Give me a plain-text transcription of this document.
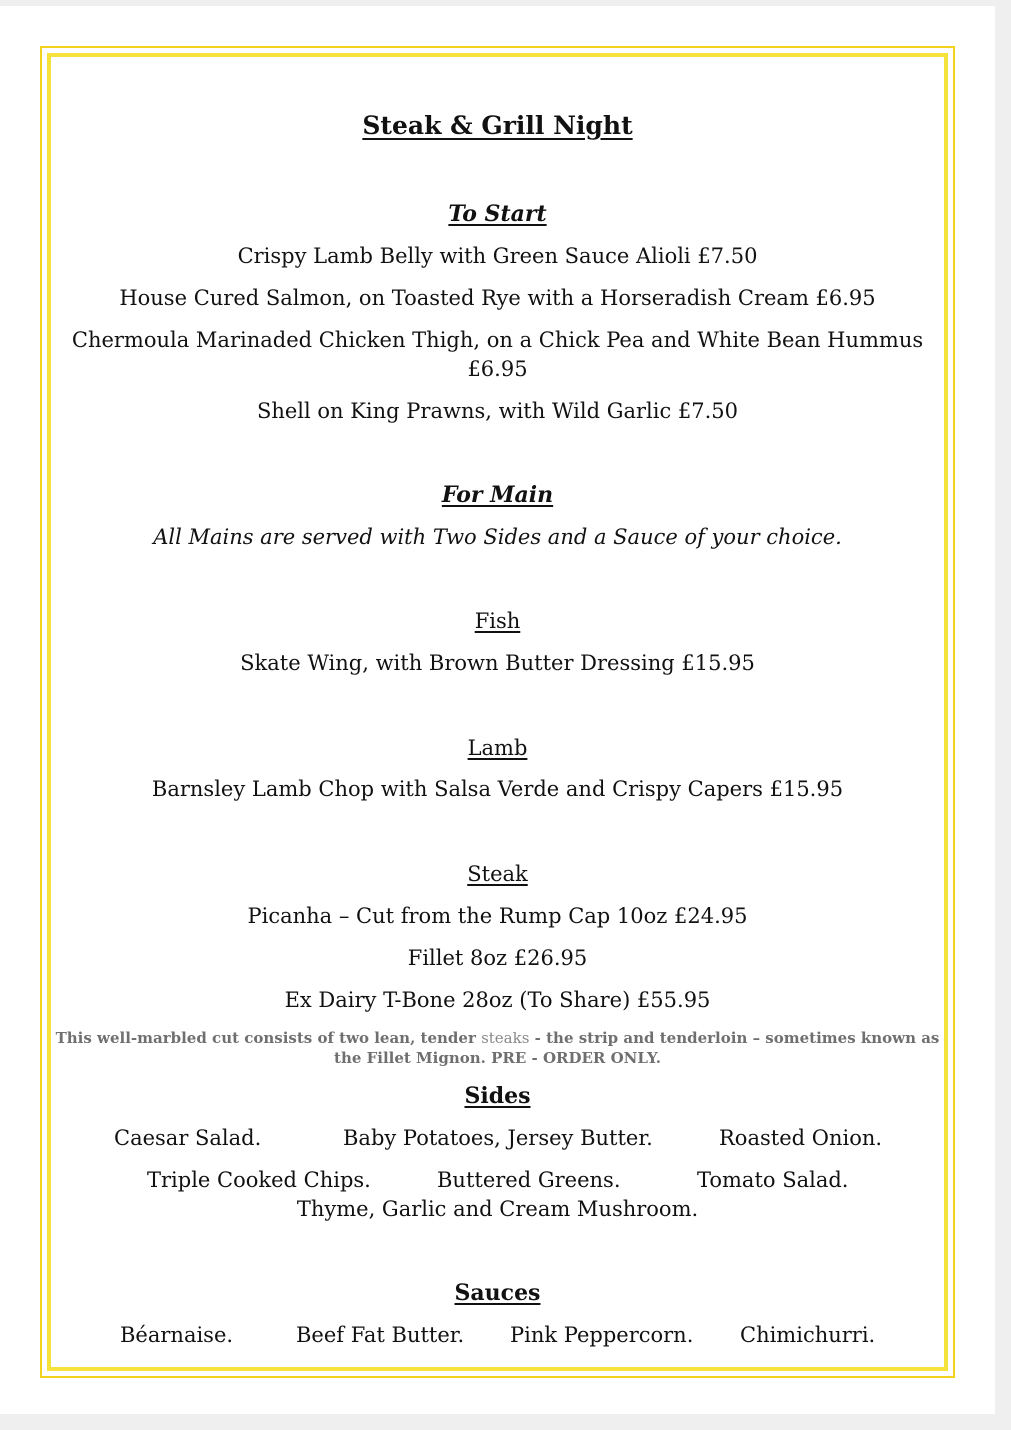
Steak & Grill Night
To Start
Crispy Lamb Belly with Green Sauce Alioli £7.50
House Cured Salmon, on Toasted Rye with a Horseradish Cream £6.95
Chermoula Marinaded Chicken Thigh, on a Chick Pea and White Bean Hummus
£6.95
Shell on King Prawns, with Wild Garlic £7.50
For Main
All Mains are served with Two Sides and a Sauce of your choice.
Fish
Skate Wing, with Brown Butter Dressing £15.95
Lamb
Barnsley Lamb Chop with Salsa Verde and Crispy Capers £15.95
Steak
Picanha – Cut from the Rump Cap 10oz £24.95
Fillet 8oz £26.95
Ex Dairy T-Bone 28oz (To Share) £55.95
This well-marbled cut consists of two lean, tender steaks - the strip and tenderloin – sometimes known as the Fillet Mignon. PRE - ORDER ONLY.
Sides
Caesar Salad.	Baby Potatoes, Jersey Butter.	Roasted Onion.
Triple Cooked Chips.	Buttered Greens.	Tomato Salad.
Thyme, Garlic and Cream Mushroom.
Sauces
Béarnaise.	Beef Fat Butter. Pink Peppercorn. Chimichurri.
